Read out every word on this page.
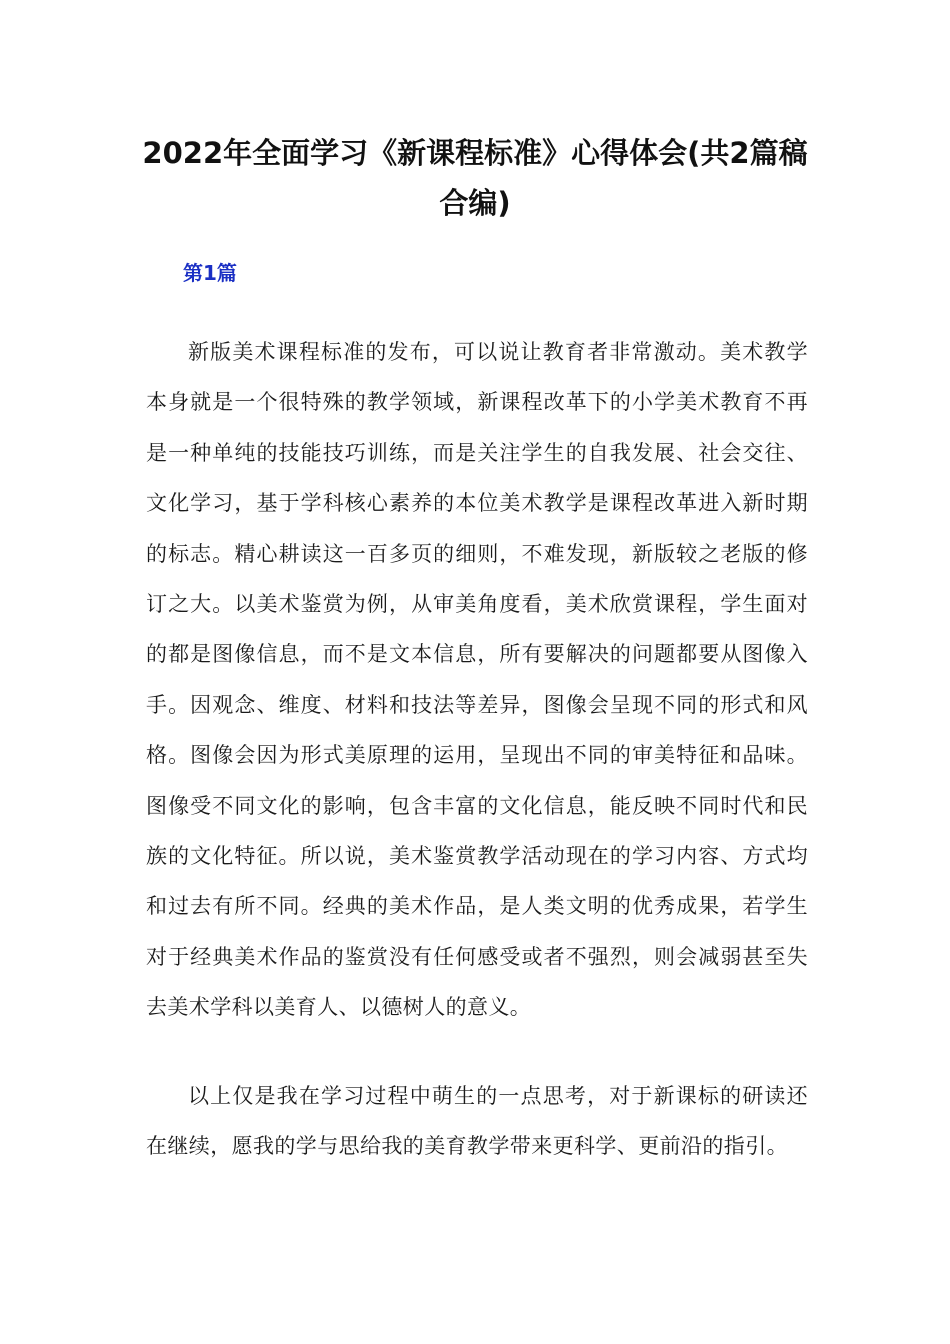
2022年全面学习《新课程标准》心得体会(共2篇稿合编)
第1篇

新版美术课程标准的发布，可以说让教育者非常激动。美术教学本身就是一个很特殊的教学领域，新课程改革下的小学美术教育不再是一种单纯的技能技巧训练，而是关注学生的自我发展、社会交往、文化学习，基于学科核心素养的本位美术教学是课程改革进入新时期的标志。精心耕读这一百多页的细则，不难发现，新版较之老版的修订之大。以美术鉴赏为例，从审美角度看，美术欣赏课程，学生面对的都是图像信息，而不是文本信息，所有要解决的问题都要从图像入手。因观念、维度、材料和技法等差异，图像会呈现不同的形式和风格。图像会因为形式美原理的运用，呈现出不同的审美特征和品味。图像受不同文化的影响，包含丰富的文化信息，能反映不同时代和民族的文化特征。所以说，美术鉴赏教学活动现在的学习内容、方式均和过去有所不同。经典的美术作品，是人类文明的优秀成果，若学生对于经典美术作品的鉴赏没有任何感受或者不强烈，则会减弱甚至失去美术学科以美育人、以德树人的意义。

以上仅是我在学习过程中萌生的一点思考，对于新课标的研读还在继续，愿我的学与思给我的美育教学带来更科学、更前沿的指引。
